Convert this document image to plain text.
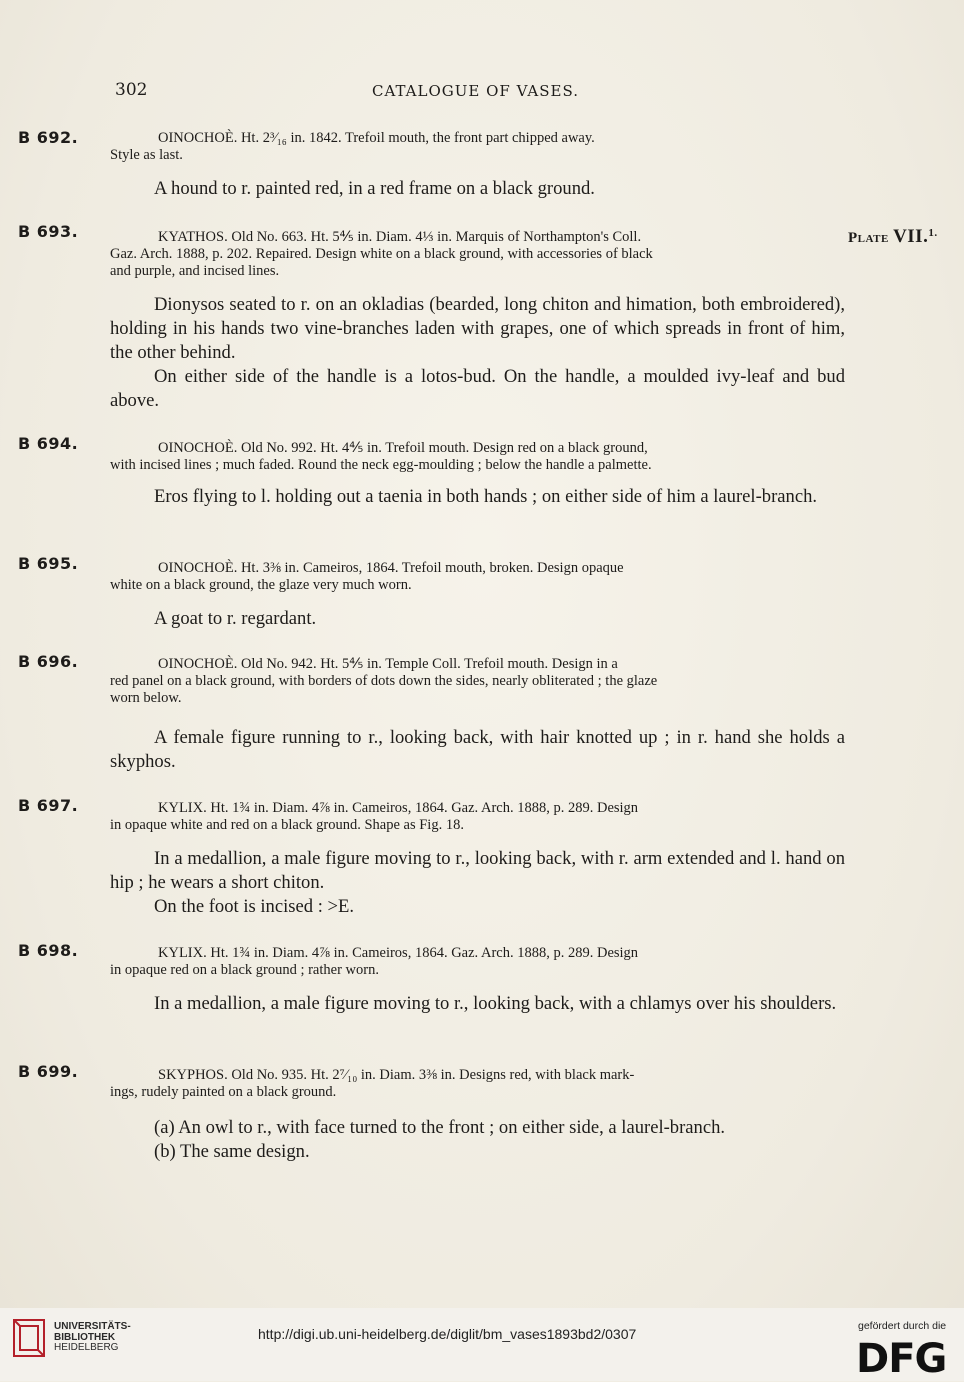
302	CATALOGUE OF VASES.
B 692.	OINOCHOÈ. Ht. 2³⁄₁₆ in. 1842. Trefoil mouth, the front part chipped away.
Style as last.

A hound to r. painted red, in a red frame on a black ground.

B 693.	Plate VII.$^{1.}$
KYATHOS. Old No. 663. Ht. 5⅘ in. Diam. 4⅓ in. Marquis of Northampton's Coll.
Gaz. Arch. 1888, p. 202. Repaired. Design white on a black ground, with accessories of black
and purple, and incised lines.

Dionysos seated to r. on an okladias (bearded, long chiton and himation, both embroidered), holding in his hands two vine-branches laden with grapes, one of which spreads in front of him, the other behind.

On either side of the handle is a lotos-bud. On the handle, a moulded ivy-leaf and bud above.

B 694.	OINOCHOÈ. Old No. 992. Ht. 4⅘ in. Trefoil mouth. Design red on a black ground,
with incised lines ; much faded. Round the neck egg-moulding ; below the handle a palmette.

Eros flying to l. holding out a taenia in both hands ; on either side of him a laurel-branch.

B 695.	OINOCHOÈ. Ht. 3⅜ in. Cameiros, 1864. Trefoil mouth, broken. Design opaque
white on a black ground, the glaze very much worn.

A goat to r. regardant.

B 696.	OINOCHOÈ. Old No. 942. Ht. 5⅘ in. Temple Coll. Trefoil mouth. Design in a
red panel on a black ground, with borders of dots down the sides, nearly obliterated ; the glaze
worn below.

A female figure running to r., looking back, with hair knotted up ; in r. hand she holds a skyphos.

B 697.	KYLIX. Ht. 1¾ in. Diam. 4⅞ in. Cameiros, 1864. Gaz. Arch. 1888, p. 289. Design
in opaque white and red on a black ground. Shape as Fig. 18.

In a medallion, a male figure moving to r., looking back, with r. arm extended and l. hand on hip ; he wears a short chiton.

On the foot is incised : >E.

B 698.	KYLIX. Ht. 1¾ in. Diam. 4⅞ in. Cameiros, 1864. Gaz. Arch. 1888, p. 289. Design
in opaque red on a black ground ; rather worn.

In a medallion, a male figure moving to r., looking back, with a chlamys over his shoulders.

B 699.	SKYPHOS. Old No. 935. Ht. 2⁷⁄₁₀ in. Diam. 3⅜ in. Designs red, with black mark-
ings, rudely painted on a black ground.

(a) An owl to r., with face turned to the front ; on either side, a laurel-branch.

(b) The same design.

UNIVERSITÄTS-
BIBLIOTHEK
HEIDELBERG
http://digi.ub.uni-heidelberg.de/diglit/bm_vases1893bd2/0307	gefördert durch die
DFG
